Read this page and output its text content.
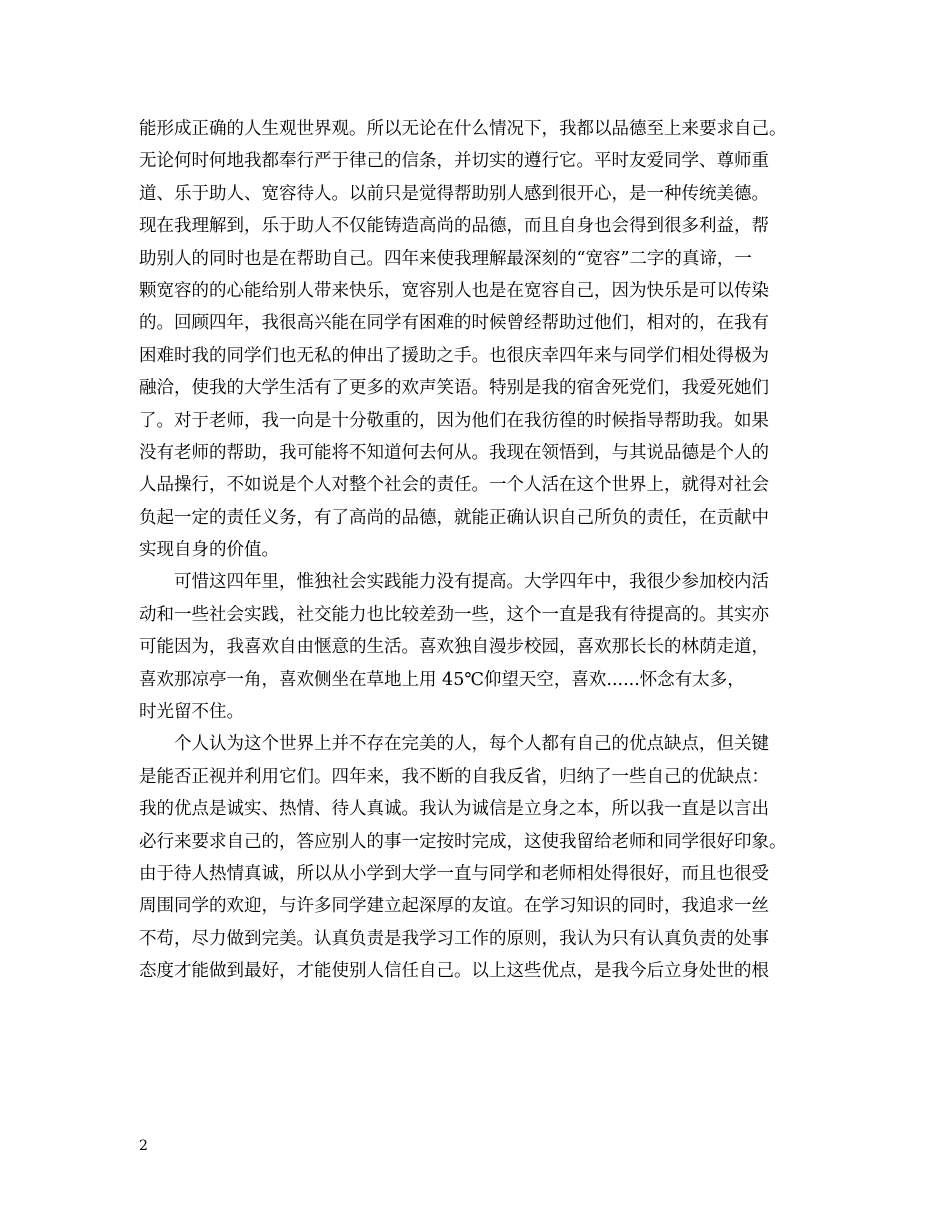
能形成正确的人生观世界观。所以无论在什么情况下，我都以品德至上来要求自己。
无论何时何地我都奉行严于律己的信条，并切实的遵行它。平时友爱同学、尊师重
道、乐于助人、宽容待人。以前只是觉得帮助别人感到很开心，是一种传统美德。
现在我理解到，乐于助人不仅能铸造高尚的品德，而且自身也会得到很多利益，帮
助别人的同时也是在帮助自己。四年来使我理解最深刻的“宽容”二字的真谛，一
颗宽容的的心能给别人带来快乐，宽容别人也是在宽容自己，因为快乐是可以传染
的。回顾四年，我很高兴能在同学有困难的时候曾经帮助过他们，相对的，在我有
困难时我的同学们也无私的伸出了援助之手。也很庆幸四年来与同学们相处得极为
融洽，使我的大学生活有了更多的欢声笑语。特别是我的宿舍死党们，我爱死她们
了。对于老师，我一向是十分敬重的，因为他们在我彷徨的时候指导帮助我。如果
没有老师的帮助，我可能将不知道何去何从。我现在领悟到，与其说品德是个人的
人品操行，不如说是个人对整个社会的责任。一个人活在这个世界上，就得对社会
负起一定的责任义务，有了高尚的品德，就能正确认识自己所负的责任，在贡献中
实现自身的价值。
可惜这四年里，惟独社会实践能力没有提高。大学四年中，我很少参加校内活
动和一些社会实践，社交能力也比较差劲一些，这个一直是我有待提高的。其实亦
可能因为，我喜欢自由惬意的生活。喜欢独自漫步校园，喜欢那长长的林荫走道，
喜欢那凉亭一角，喜欢侧坐在草地上用 45℃仰望天空，喜欢......怀念有太多，
时光留不住。
个人认为这个世界上并不存在完美的人，每个人都有自己的优点缺点，但关键
是能否正视并利用它们。四年来，我不断的自我反省，归纳了一些自己的优缺点：
我的优点是诚实、热情、待人真诚。我认为诚信是立身之本，所以我一直是以言出
必行来要求自己的，答应别人的事一定按时完成，这使我留给老师和同学很好印象。
由于待人热情真诚，所以从小学到大学一直与同学和老师相处得很好，而且也很受
周围同学的欢迎，与许多同学建立起深厚的友谊。在学习知识的同时，我追求一丝
不苟，尽力做到完美。认真负责是我学习工作的原则，我认为只有认真负责的处事
态度才能做到最好，才能使别人信任自己。以上这些优点，是我今后立身处世的根
2
